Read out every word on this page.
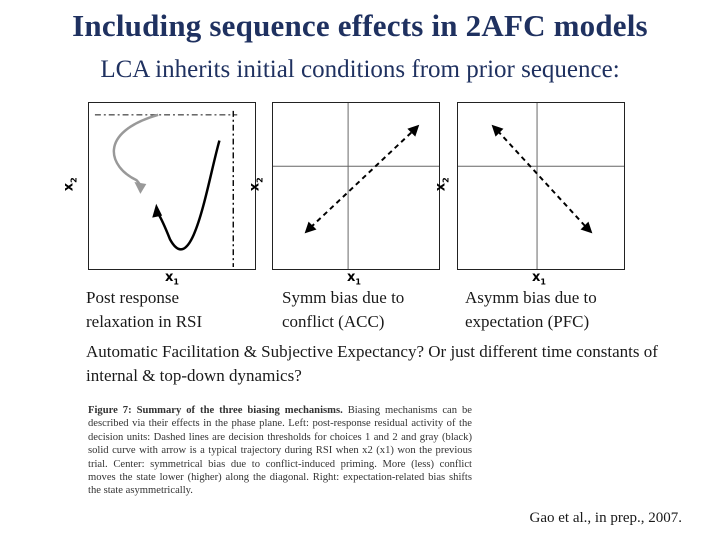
Including sequence effects in 2AFC models
LCA inherits initial conditions from prior sequence:
$x_2$
$x_1$
$x_2$
$x_1$
$x_2$
$x_1$
Post response
relaxation in RSI
Symm bias due to
conflict (ACC)
Asymm bias due to
expectation (PFC)
Automatic Facilitation & Subjective Expectancy? Or just different time constants of internal & top-down dynamics?
Figure 7: Summary of the three biasing mechanisms. Biasing mechanisms can be described via their effects in the phase plane. Left: post-response residual activity of the decision units: Dashed lines are decision thresholds for choices 1 and 2 and gray (black) solid curve with arrow is a typical trajectory during RSI when x2 (x1) won the previous trial. Center: symmetrical bias due to conflict-induced priming. More (less) conflict moves the state lower (higher) along the diagonal. Right: expectation-related bias shifts the state asymmetrically.
Gao et al., in prep., 2007.
